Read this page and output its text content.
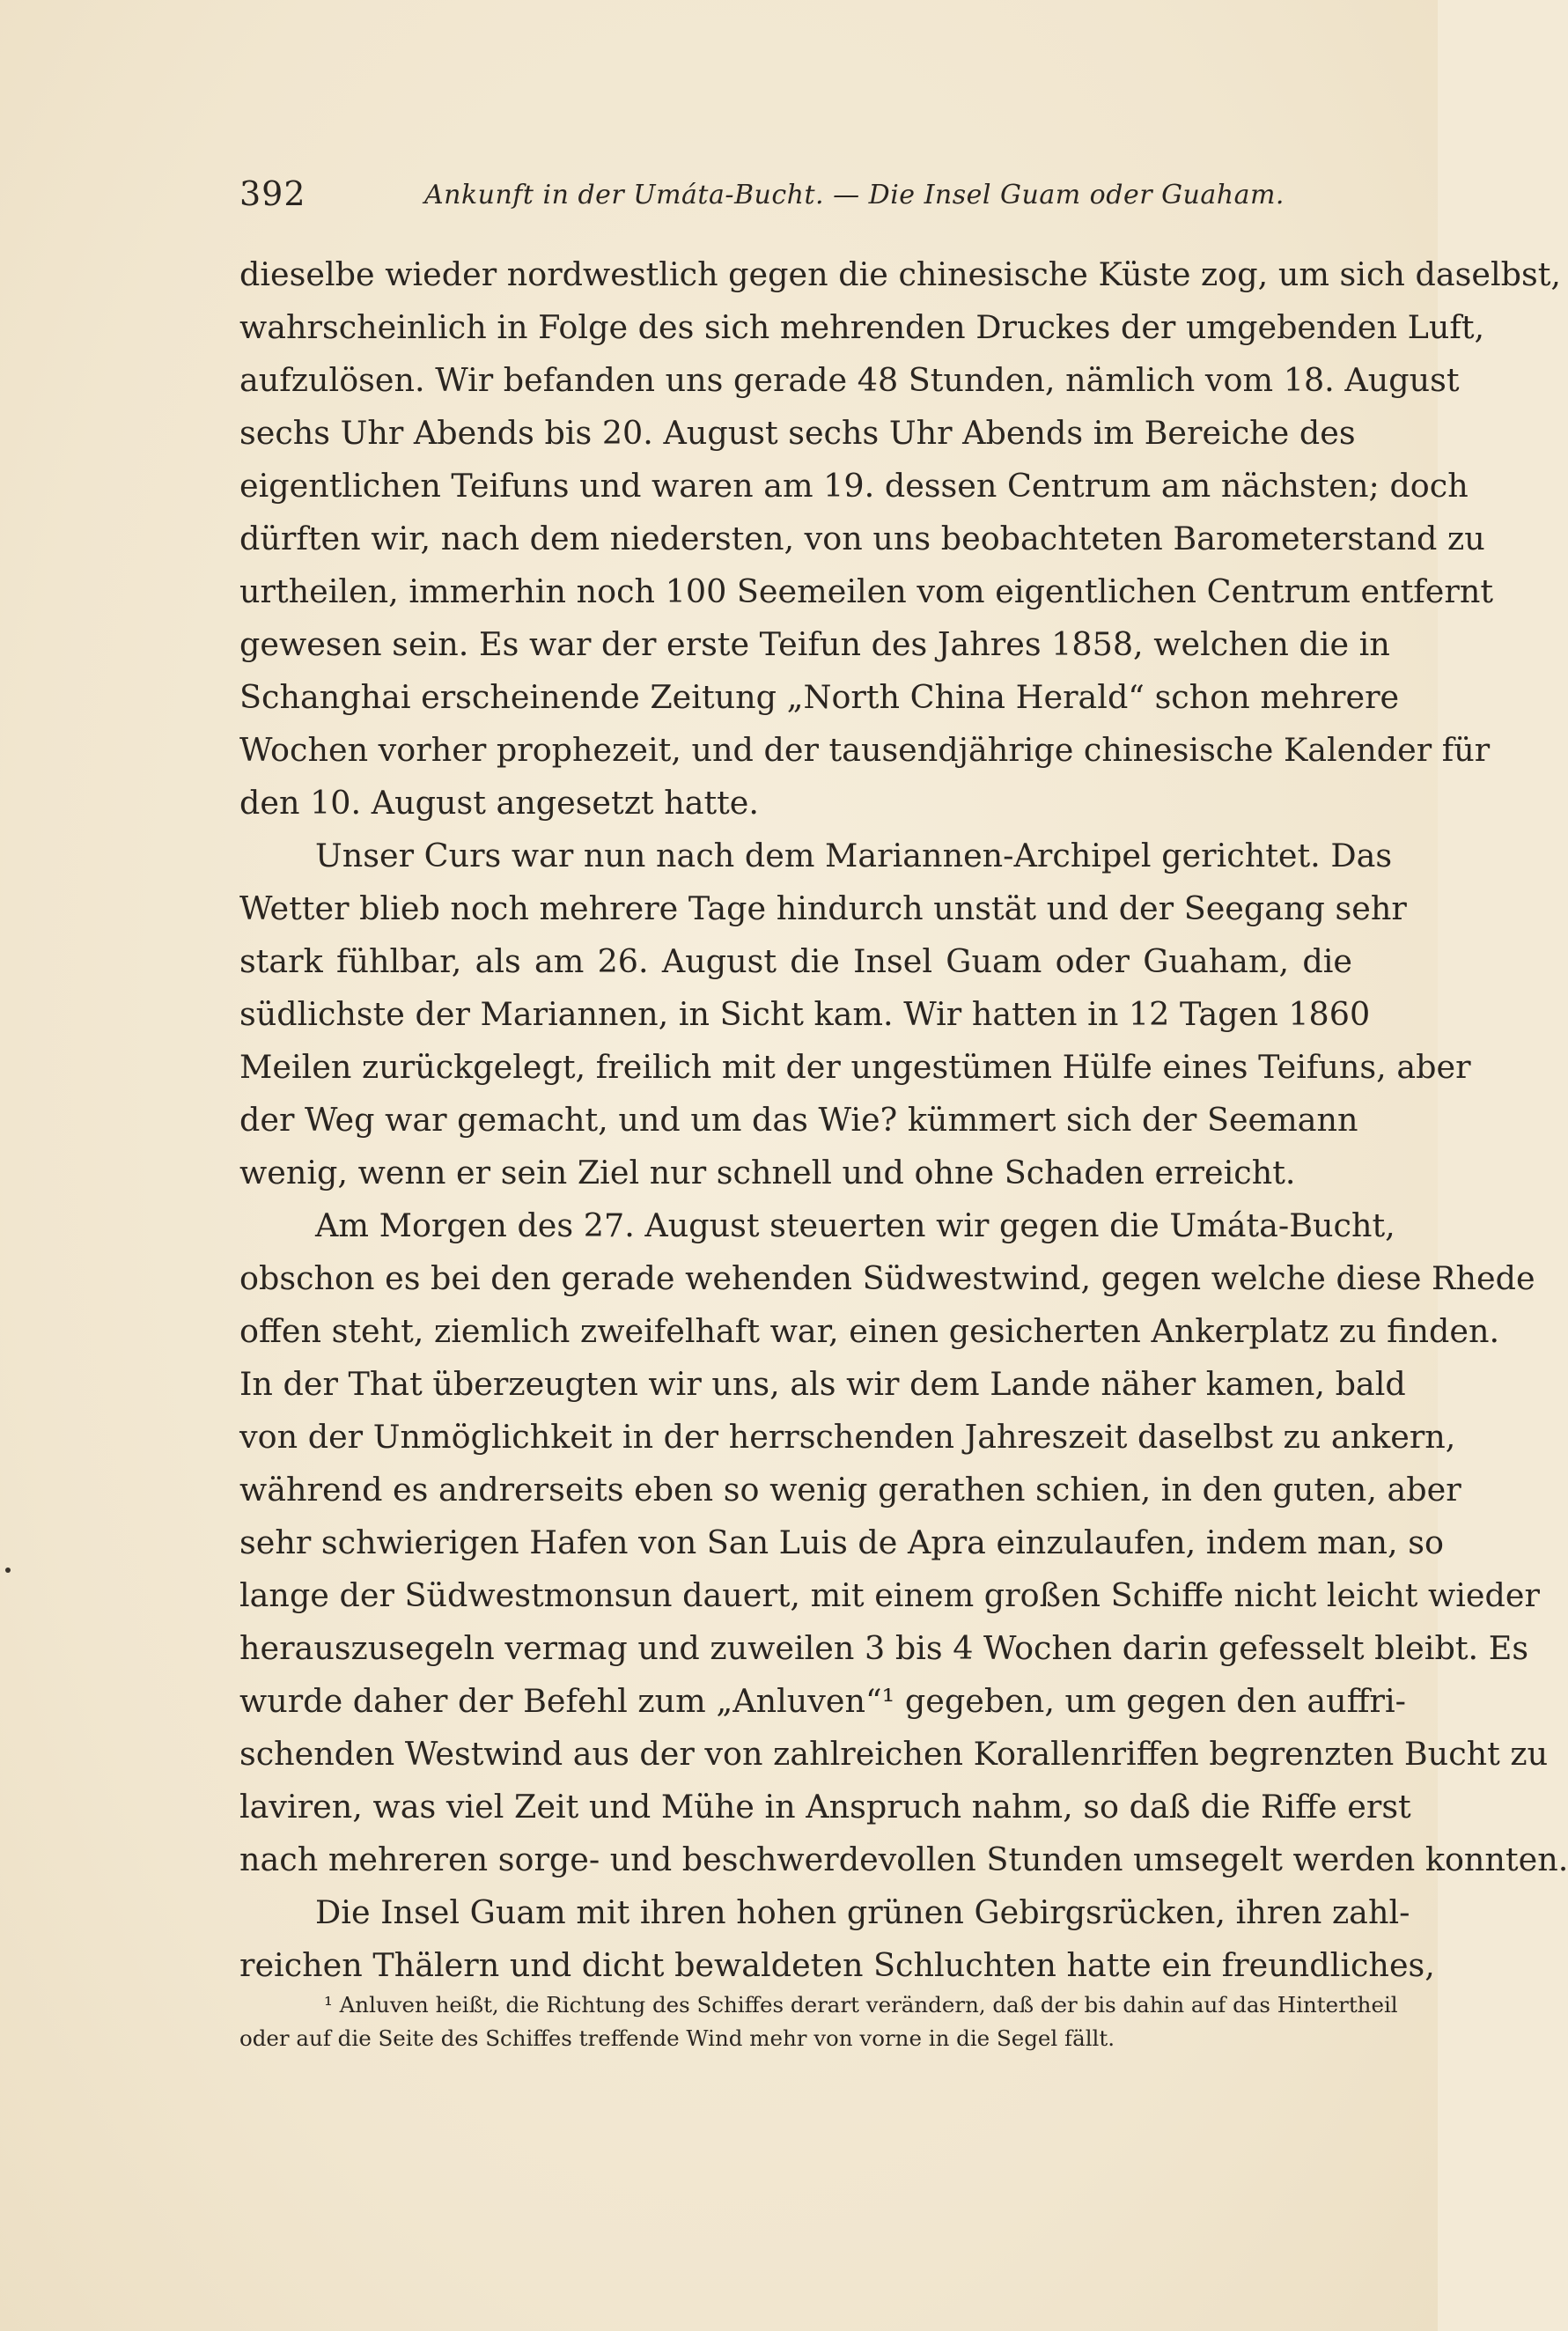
392	Ankunft in der Umáta-Bucht. — Die Insel Guam oder Guaham.
dieselbe wieder nordwestlich gegen die chinesische Küste zog, um sich daselbst,
wahrscheinlich in Folge des sich mehrenden Druckes der umgebenden Luft,
aufzulösen. Wir befanden uns gerade 48 Stunden, nämlich vom 18. August
sechs Uhr Abends bis 20. August sechs Uhr Abends im Bereiche des
eigentlichen Teifuns und waren am 19. dessen Centrum am nächsten; doch
dürften wir, nach dem niedersten, von uns beobachteten Barometerstand zu
urtheilen, immerhin noch 100 Seemeilen vom eigentlichen Centrum entfernt
gewesen sein. Es war der erste Teifun des Jahres 1858, welchen die in
Schanghai erscheinende Zeitung „North China Herald“ schon mehrere
Wochen vorher prophezeit, und der tausendjährige chinesische Kalender für
den 10. August angesetzt hatte.
Unser Curs war nun nach dem Mariannen-Archipel gerichtet. Das
Wetter blieb noch mehrere Tage hindurch unstät und der Seegang sehr
stark fühlbar, als am 26. August die Insel Guam oder Guaham, die
südlichste der Mariannen, in Sicht kam. Wir hatten in 12 Tagen 1860
Meilen zurückgelegt, freilich mit der ungestümen Hülfe eines Teifuns, aber
der Weg war gemacht, und um das Wie? kümmert sich der Seemann
wenig, wenn er sein Ziel nur schnell und ohne Schaden erreicht.
Am Morgen des 27. August steuerten wir gegen die Umáta-Bucht,
obschon es bei den gerade wehenden Südwestwind, gegen welche diese Rhede
offen steht, ziemlich zweifelhaft war, einen gesicherten Ankerplatz zu finden.
In der That überzeugten wir uns, als wir dem Lande näher kamen, bald
von der Unmöglichkeit in der herrschenden Jahreszeit daselbst zu ankern,
während es andrerseits eben so wenig gerathen schien, in den guten, aber
sehr schwierigen Hafen von San Luis de Apra einzulaufen, indem man, so
lange der Südwestmonsun dauert, mit einem großen Schiffe nicht leicht wieder
herauszusegeln vermag und zuweilen 3 bis 4 Wochen darin gefesselt bleibt. Es
wurde daher der Befehl zum „Anluven“¹ gegeben, um gegen den auffri-
schenden Westwind aus der von zahlreichen Korallenriffen begrenzten Bucht zu
laviren, was viel Zeit und Mühe in Anspruch nahm, so daß die Riffe erst
nach mehreren sorge- und beschwerdevollen Stunden umsegelt werden konnten.
Die Insel Guam mit ihren hohen grünen Gebirgsrücken, ihren zahl-
reichen Thälern und dicht bewaldeten Schluchten hatte ein freundliches,
¹ Anluven heißt, die Richtung des Schiffes derart verändern, daß der bis dahin auf das Hintertheil
oder auf die Seite des Schiffes treffende Wind mehr von vorne in die Segel fällt.
